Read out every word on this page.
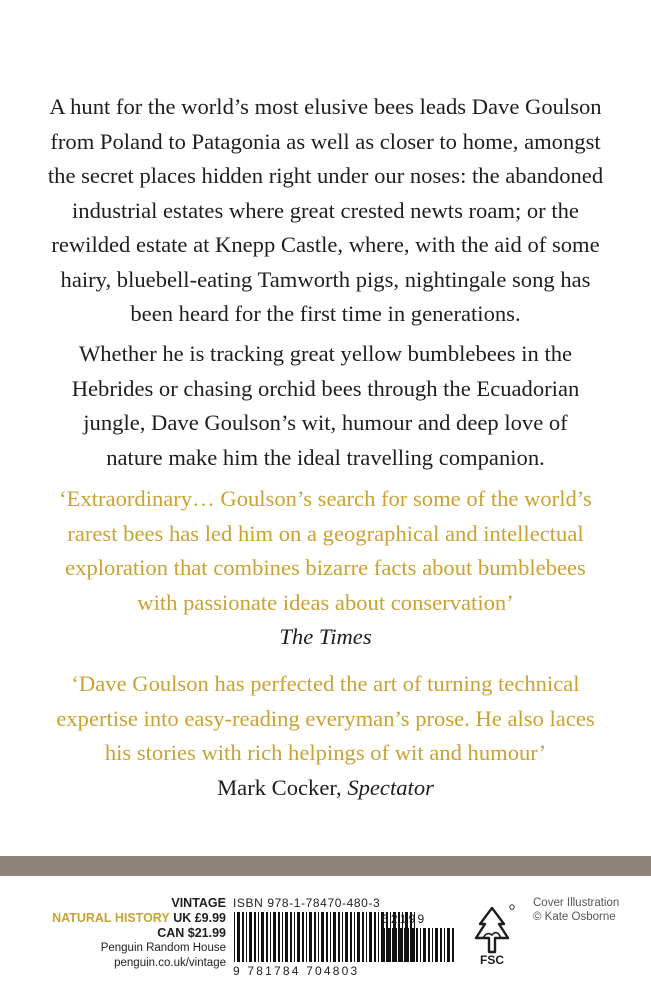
A hunt for the world’s most elusive bees leads Dave Goulson
from Poland to Patagonia as well as closer to home, amongst
the secret places hidden right under our noses: the abandoned
industrial estates where great crested newts roam; or the
rewilded estate at Knepp Castle, where, with the aid of some
hairy, bluebell-eating Tamworth pigs, nightingale song has
been heard for the first time in generations.
Whether he is tracking great yellow bumblebees in the
Hebrides or chasing orchid bees through the Ecuadorian
jungle, Dave Goulson’s wit, humour and deep love of
nature make him the ideal travelling companion.
‘Extraordinary… Goulson’s search for some of the world’s
rarest bees has led him on a geographical and intellectual
exploration that combines bizarre facts about bumblebees
with passionate ideas about conservation’
The Times
‘Dave Goulson has perfected the art of turning technical
expertise into easy-reading everyman’s prose. He also laces
his stories with rich helpings of wit and humour’
Mark Cocker, Spectator
VINTAGE
NATURAL HISTORY UK £9.99
CAN $21.99
Penguin Random House
penguin.co.uk/vintage
ISBN 978-1-78470-480-3
62199
9 781784 704803
FSC
Cover Illustration
© Kate Osborne
